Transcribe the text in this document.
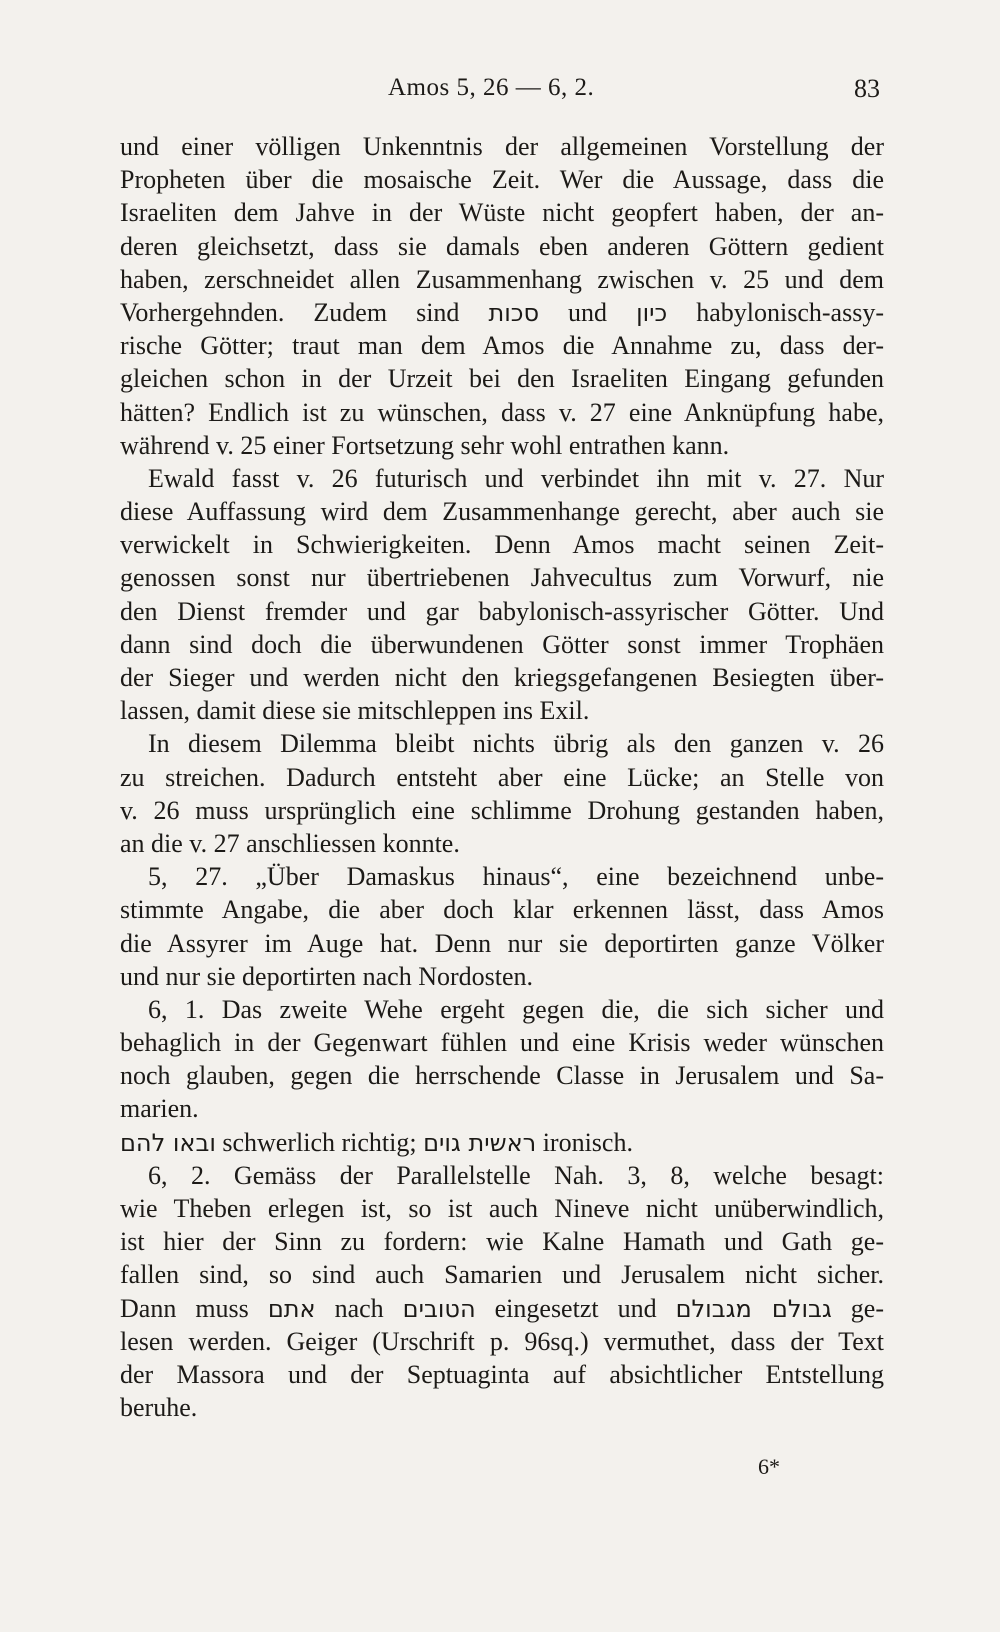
Amos 5, 26 — 6, 2.	83
und einer völligen Unkenntnis der allgemeinen Vorstellung der
Propheten über die mosaische Zeit. Wer die Aussage, dass die
Israeliten dem Jahve in der Wüste nicht geopfert haben, der an-
deren gleichsetzt, dass sie damals eben anderen Göttern gedient
haben, zerschneidet allen Zusammenhang zwischen v. 25 und dem
Vorhergehnden. Zudem sind סכות und כיון habylonisch-assy-
rische Götter; traut man dem Amos die Annahme zu, dass der-
gleichen schon in der Urzeit bei den Israeliten Eingang gefunden
hätten? Endlich ist zu wünschen, dass v. 27 eine Anknüpfung habe,
während v. 25 einer Fortsetzung sehr wohl entrathen kann.
Ewald fasst v. 26 futurisch und verbindet ihn mit v. 27. Nur
diese Auffassung wird dem Zusammenhange gerecht, aber auch sie
verwickelt in Schwierigkeiten. Denn Amos macht seinen Zeit-
genossen sonst nur übertriebenen Jahvecultus zum Vorwurf, nie
den Dienst fremder und gar babylonisch-assyrischer Götter. Und
dann sind doch die überwundenen Götter sonst immer Trophäen
der Sieger und werden nicht den kriegsgefangenen Besiegten über-
lassen, damit diese sie mitschleppen ins Exil.
In diesem Dilemma bleibt nichts übrig als den ganzen v. 26
zu streichen. Dadurch entsteht aber eine Lücke; an Stelle von
v. 26 muss ursprünglich eine schlimme Drohung gestanden haben,
an die v. 27 anschliessen konnte.
5, 27. „Über Damaskus hinaus“, eine bezeichnend unbe-
stimmte Angabe, die aber doch klar erkennen lässt, dass Amos
die Assyrer im Auge hat. Denn nur sie deportirten ganze Völker
und nur sie deportirten nach Nordosten.
6, 1. Das zweite Wehe ergeht gegen die, die sich sicher und
behaglich in der Gegenwart fühlen und eine Krisis weder wünschen
noch glauben, gegen die herrschende Classe in Jerusalem und Sa-
marien.
ובאו להם schwerlich richtig; ראשית גוים ironisch.
6, 2. Gemäss der Parallelstelle Nah. 3, 8, welche besagt:
wie Theben erlegen ist, so ist auch Nineve nicht unüberwindlich,
ist hier der Sinn zu fordern: wie Kalne Hamath und Gath ge-
fallen sind, so sind auch Samarien und Jerusalem nicht sicher.
Dann muss אתם nach הטובים eingesetzt und גבולם מגבולם ge-
lesen werden. Geiger (Urschrift p. 96sq.) vermuthet, dass der Text
der Massora und der Septuaginta auf absichtlicher Entstellung
beruhe.
6*
